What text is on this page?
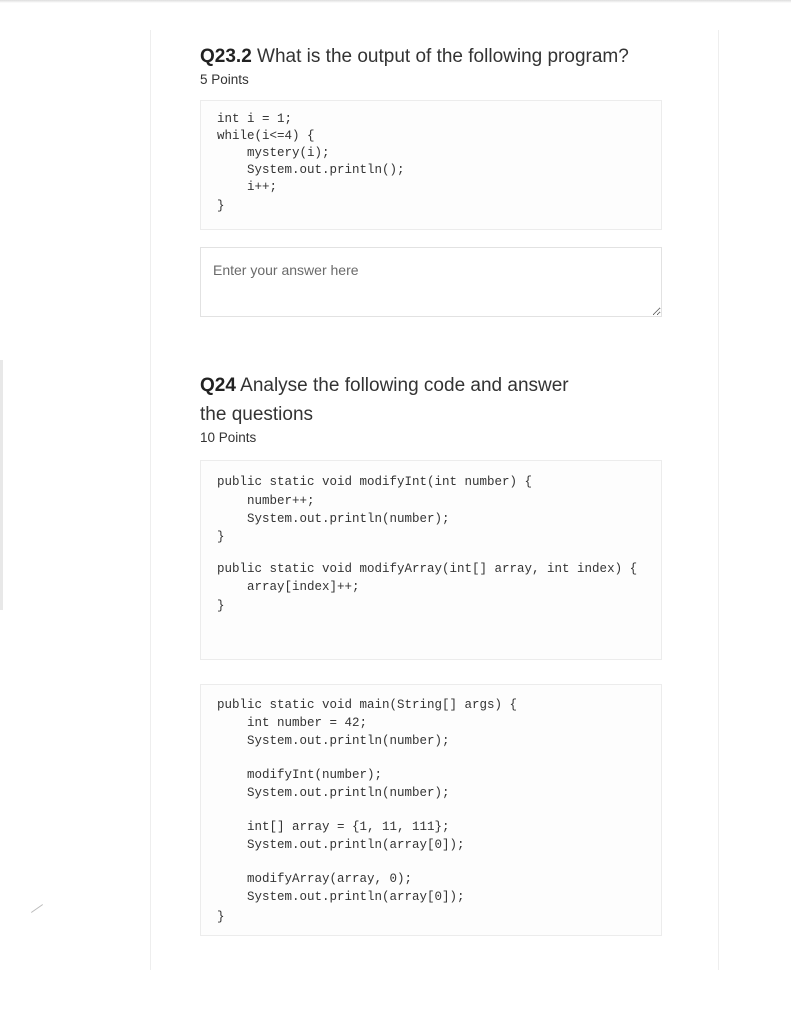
Q23.2 What is the output of the following program?
5 Points
int i = 1;
while(i<=4) {
mystery(i);
System.out.println();
i++;
}
Enter your answer here
Q24 Analyse the following code and answer
the questions
10 Points
public static void modifyInt(int number) {
number++;
System.out.println(number);
}
public static void modifyArray(int[] array, int index) {
array[index]++;
}
public static void main(String[] args) {
int number = 42;
System.out.println(number);
modifyInt(number);
System.out.println(number);
int[] array = {1, 11, 111};
System.out.println(array[0]);
modifyArray(array, 0);
System.out.println(array[0]);
}
